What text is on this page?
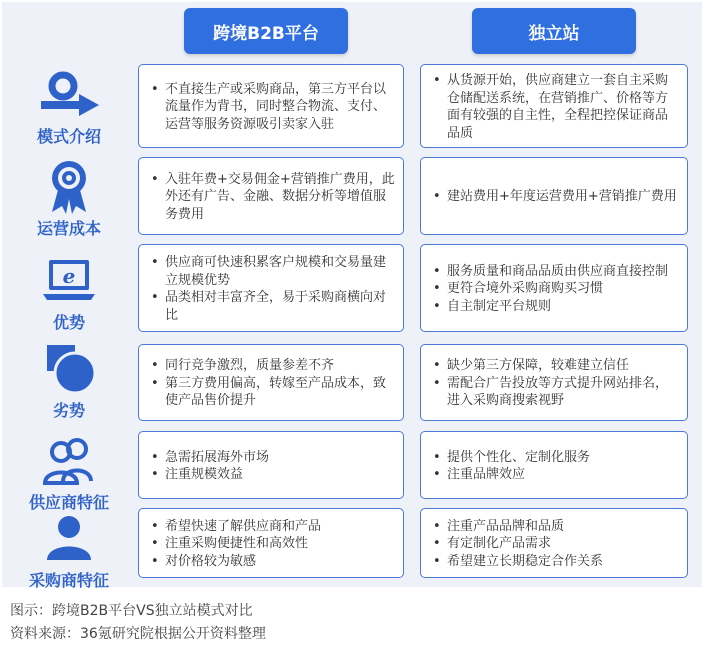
跨境B2B平台	独立站
模式介绍
• 不直接生产或采购商品，第三方平台以流量作为背书，同时整合物流、支付、运营等服务资源吸引卖家入驻
• 从货源开始，供应商建立一套自主采购仓储配送系统，在营销推广、价格等方面有较强的自主性，全程把控保证商品品质
运营成本
• 入驻年费+交易佣金+营销推广费用，此外还有广告、金融、数据分析等增值服务费用
• 建站费用+年度运营费用+营销推广费用
e
优势
• 供应商可快速积累客户规模和交易量建立规模优势
• 品类相对丰富齐全，易于采购商横向对比
• 服务质量和商品品质由供应商直接控制
• 更符合境外采购商购买习惯
• 自主制定平台规则
劣势
• 同行竞争激烈，质量参差不齐
• 第三方费用偏高，转嫁至产品成本，致使产品售价提升
• 缺少第三方保障，较难建立信任
• 需配合广告投放等方式提升网站排名，进入采购商搜索视野
供应商特征
• 急需拓展海外市场
• 注重规模效益
• 提供个性化、定制化服务
• 注重品牌效应
采购商特征
• 希望快速了解供应商和产品
• 注重采购便捷性和高效性
• 对价格较为敏感
• 注重产品品牌和品质
• 有定制化产品需求
• 希望建立长期稳定合作关系
图示：跨境B2B平台VS独立站模式对比
资料来源：36氪研究院根据公开资料整理
